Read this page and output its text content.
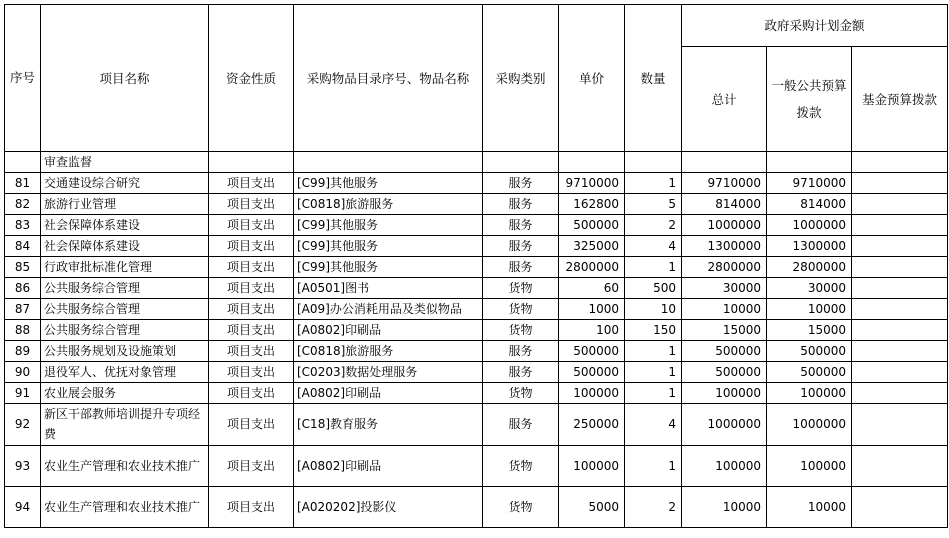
序号	项目名称	资金性质	采购物品目录序号、物品名称	采购类别	单价	数量	政府采购计划金额		
							总计	一般公共预算拨款	基金预算拨款
	审查监督								
81	交通建设综合研究	项目支出	[C99]其他服务	服务	9710000	1	9710000	9710000	
82	旅游行业管理	项目支出	[C0818]旅游服务	服务	162800	5	814000	814000	
83	社会保障体系建设	项目支出	[C99]其他服务	服务	500000	2	1000000	1000000	
84	社会保障体系建设	项目支出	[C99]其他服务	服务	325000	4	1300000	1300000	
85	行政审批标准化管理	项目支出	[C99]其他服务	服务	2800000	1	2800000	2800000	
86	公共服务综合管理	项目支出	[A0501]图书	货物	60	500	30000	30000	
87	公共服务综合管理	项目支出	[A09]办公消耗用品及类似物品	货物	1000	10	10000	10000	
88	公共服务综合管理	项目支出	[A0802]印刷品	货物	100	150	15000	15000	
89	公共服务规划及设施策划	项目支出	[C0818]旅游服务	服务	500000	1	500000	500000	
90	退役军人、优抚对象管理	项目支出	[C0203]数据处理服务	服务	500000	1	500000	500000	
91	农业展会服务	项目支出	[A0802]印刷品	货物	100000	1	100000	100000	
92	新区干部教师培训提升专项经费	项目支出	[C18]教育服务	服务	250000	4	1000000	1000000	
93	农业生产管理和农业技术推广	项目支出	[A0802]印刷品	货物	100000	1	100000	100000	
94	农业生产管理和农业技术推广	项目支出	[A020202]投影仪	货物	5000	2	10000	10000	
